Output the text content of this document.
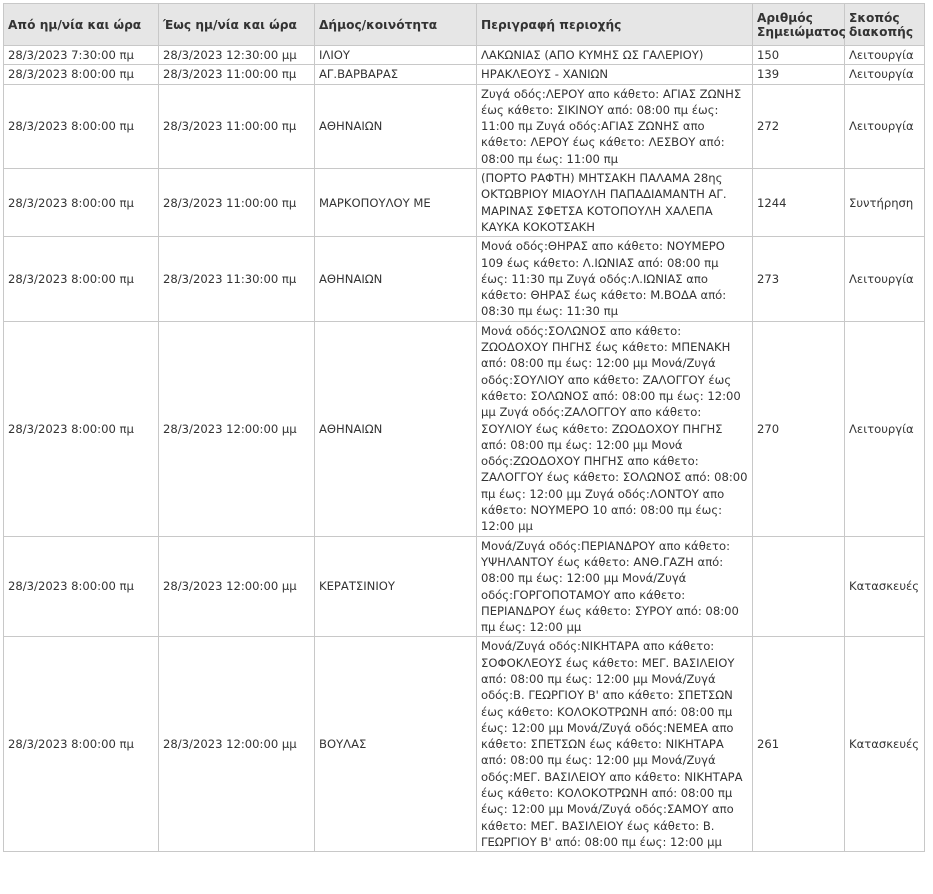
Από ημ/νία και ώρα	Έως ημ/νία και ώρα	Δήμος/κοινότητα	Περιγραφή περιοχής	Αριθμός Σημειώματος	Σκοπός διακοπής
28/3/2023 7:30:00 πμ	28/3/2023 12:30:00 μμ	ΙΛΙΟΥ	ΛΑΚΩΝΙΑΣ (ΑΠΟ ΚΥΜΗΣ ΩΣ ΓΑΛΕΡΙΟΥ)	150	Λειτουργία
28/3/2023 8:00:00 πμ	28/3/2023 11:00:00 πμ	ΑΓ.ΒΑΡΒΑΡΑΣ	ΗΡΑΚΛΕΟΥΣ - ΧΑΝΙΩΝ	139	Λειτουργία
28/3/2023 8:00:00 πμ	28/3/2023 11:00:00 πμ	ΑΘΗΝΑΙΩΝ	Ζυγά οδός:ΛΕΡΟΥ απο κάθετο: ΑΓΙΑΣ ΖΩΝΗΣ έως κάθετο: ΣΙΚΙΝΟΥ από: 08:00 πμ έως: 11:00 πμ Ζυγά οδός:ΑΓΙΑΣ ΖΩΝΗΣ απο κάθετο: ΛΕΡΟΥ έως κάθετο: ΛΕΣΒΟΥ από: 08:00 πμ έως: 11:00 πμ	272	Λειτουργία
28/3/2023 8:00:00 πμ	28/3/2023 11:00:00 πμ	ΜΑΡΚΟΠΟΥΛΟΥ ΜΕ	(ΠΟΡΤΟ ΡΑΦΤΗ) ΜΗΤΣΑΚΗ ΠΑΛΑΜΑ 28ης ΟΚΤΩΒΡΙΟΥ ΜΙΑΟΥΛΗ ΠΑΠΑΔΙΑΜΑΝΤΗ ΑΓ. ΜΑΡΙΝΑΣ ΣΦΕΤΣΑ ΚΟΤΟΠΟΥΛΗ ΧΑΛΕΠΑ ΚΑΥΚΑ ΚΟΚΟΤΣΑΚΗ	1244	Συντήρηση
28/3/2023 8:00:00 πμ	28/3/2023 11:30:00 πμ	ΑΘΗΝΑΙΩΝ	Μονά οδός:ΘΗΡΑΣ απο κάθετο: ΝΟΥΜΕΡΟ 109 έως κάθετο: Λ.ΙΩΝΙΑΣ από: 08:00 πμ έως: 11:30 πμ Ζυγά οδός:Λ.ΙΩΝΙΑΣ απο κάθετο: ΘΗΡΑΣ έως κάθετο: Μ.ΒΟΔΑ από: 08:30 πμ έως: 11:30 πμ	273	Λειτουργία
28/3/2023 8:00:00 πμ	28/3/2023 12:00:00 μμ	ΑΘΗΝΑΙΩΝ	Μονά οδός:ΣΟΛΩΝΟΣ απο κάθετο: ΖΩΟΔΟΧΟΥ ΠΗΓΗΣ έως κάθετο: ΜΠΕΝΑΚΗ από: 08:00 πμ έως: 12:00 μμ Μονά/Ζυγά οδός:ΣΟΥΛΙΟΥ απο κάθετο: ΖΑΛΟΓΓΟΥ έως κάθετο: ΣΟΛΩΝΟΣ από: 08:00 πμ έως: 12:00 μμ Ζυγά οδός:ΖΑΛΟΓΓΟΥ απο κάθετο: ΣΟΥΛΙΟΥ έως κάθετο: ΖΩΟΔΟΧΟΥ ΠΗΓΗΣ από: 08:00 πμ έως: 12:00 μμ Μονά οδός:ΖΩΟΔΟΧΟΥ ΠΗΓΗΣ απο κάθετο: ΖΑΛΟΓΓΟΥ έως κάθετο: ΣΟΛΩΝΟΣ από: 08:00 πμ έως: 12:00 μμ Ζυγά οδός:ΛΟΝΤΟΥ απο κάθετο: ΝΟΥΜΕΡΟ 10 από: 08:00 πμ έως: 12:00 μμ	270	Λειτουργία
28/3/2023 8:00:00 πμ	28/3/2023 12:00:00 μμ	ΚΕΡΑΤΣΙΝΙΟΥ	Μονά/Ζυγά οδός:ΠΕΡΙΑΝΔΡΟΥ απο κάθετο: ΥΨΗΛΑΝΤΟΥ έως κάθετο: ΑΝΘ.ΓΑΖΗ από: 08:00 πμ έως: 12:00 μμ Μονά/Ζυγά οδός:ΓΟΡΓΟΠΟΤΑΜΟΥ απο κάθετο: ΠΕΡΙΑΝΔΡΟΥ έως κάθετο: ΣΥΡΟΥ από: 08:00 πμ έως: 12:00 μμ		Κατασκευές
28/3/2023 8:00:00 πμ	28/3/2023 12:00:00 μμ	ΒΟΥΛΑΣ	Μονά/Ζυγά οδός:ΝΙΚΗΤΑΡΑ απο κάθετο: ΣΟΦΟΚΛΕΟΥΣ έως κάθετο: ΜΕΓ. ΒΑΣΙΛΕΙΟΥ από: 08:00 πμ έως: 12:00 μμ Μονά/Ζυγά οδός:Β. ΓΕΩΡΓΙΟΥ Β' απο κάθετο: ΣΠΕΤΣΩΝ έως κάθετο: ΚΟΛΟΚΟΤΡΩΝΗ από: 08:00 πμ έως: 12:00 μμ Μονά/Ζυγά οδός:ΝΕΜΕΑ απο κάθετο: ΣΠΕΤΣΩΝ έως κάθετο: ΝΙΚΗΤΑΡΑ από: 08:00 πμ έως: 12:00 μμ Μονά/Ζυγά οδός:ΜΕΓ. ΒΑΣΙΛΕΙΟΥ απο κάθετο: ΝΙΚΗΤΑΡΑ έως κάθετο: ΚΟΛΟΚΟΤΡΩΝΗ από: 08:00 πμ έως: 12:00 μμ Μονά/Ζυγά οδός:ΣΑΜΟΥ απο κάθετο: ΜΕΓ. ΒΑΣΙΛΕΙΟΥ έως κάθετο: Β. ΓΕΩΡΓΙΟΥ Β' από: 08:00 πμ έως: 12:00 μμ	261	Κατασκευές
